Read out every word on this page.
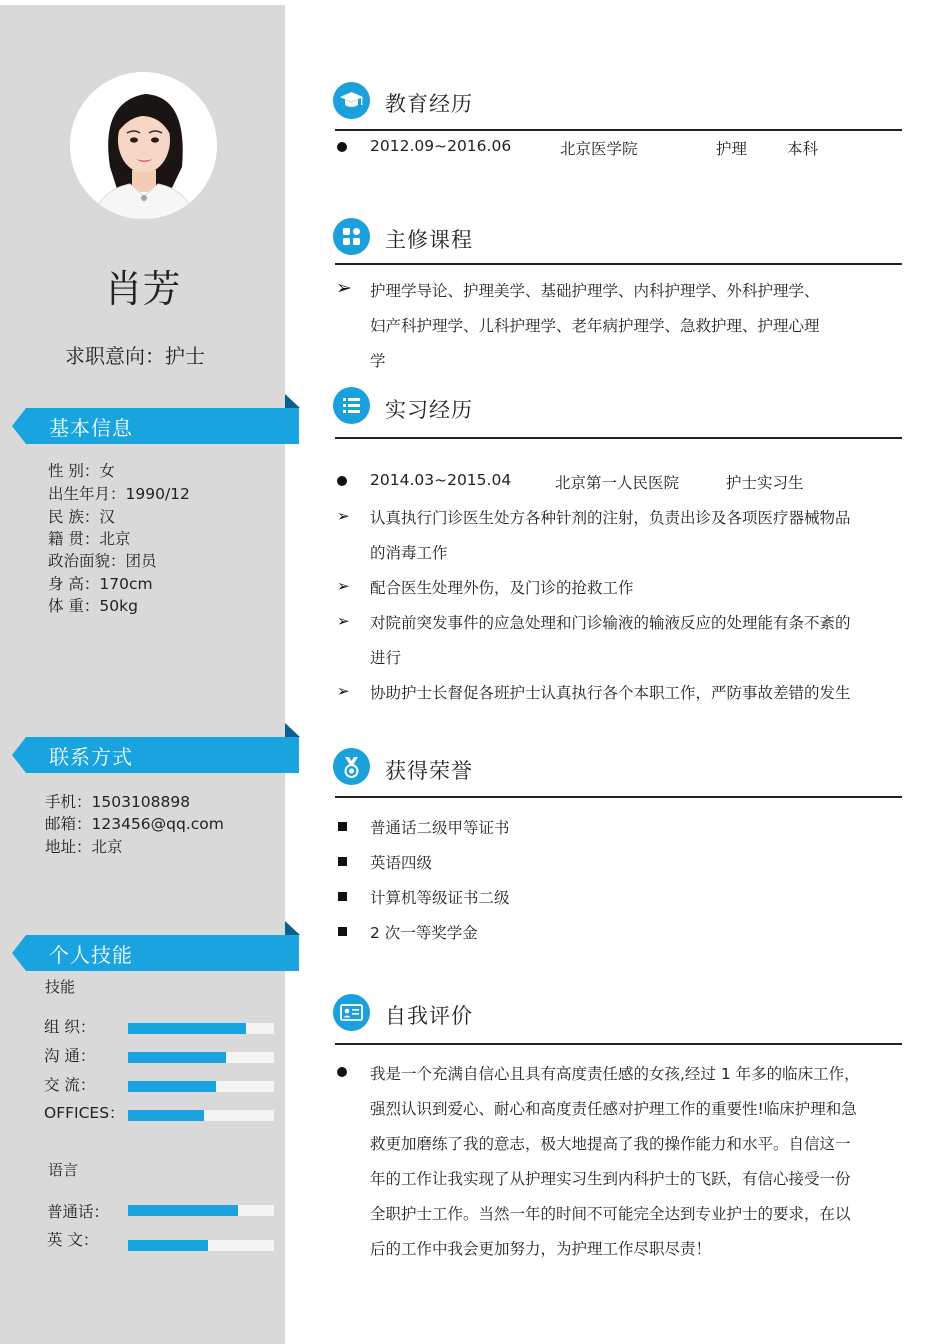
肖芳
求职意向：护士
基本信息
性 别：女
出生年月：1990/12
民 族：汉
籍 贯：北京
政治面貌：团员
身 高：170cm
体 重：50kg
联系方式
手机：1503108898
邮箱：123456@qq.com
地址：北京
个人技能
技能
组 织：
沟 通：
交 流：
OFFICES：
语言
普通话：
英 文：
教育经历
2012.09~2016.06	北京医学院	护理	本科
主修课程
➢ 护理学导论、护理美学、基础护理学、内科护理学、外科护理学、
妇产科护理学、儿科护理学、老年病护理学、急救护理、护理心理
学
实习经历
2014.03~2015.04	北京第一人民医院	护士实习生
➢ 认真执行门诊医生处方各种针剂的注射，负责出诊及各项医疗器械物品
的消毒工作
➢ 配合医生处理外伤，及门诊的抢救工作
➢ 对院前突发事件的应急处理和门诊输液的输液反应的处理能有条不紊的
进行
➢ 协助护士长督促各班护士认真执行各个本职工作，严防事故差错的发生
获得荣誉
普通话二级甲等证书
英语四级
计算机等级证书二级
2 次一等奖学金
自我评价
我是一个充满自信心且具有高度责任感的女孩,经过 1 年多的临床工作，
强烈认识到爱心、耐心和高度责任感对护理工作的重要性!临床护理和急
救更加磨练了我的意志，极大地提高了我的操作能力和水平。自信这一
年的工作让我实现了从护理实习生到内科护士的飞跃，有信心接受一份
全职护士工作。当然一年的时间不可能完全达到专业护士的要求，在以
后的工作中我会更加努力，为护理工作尽职尽责！
